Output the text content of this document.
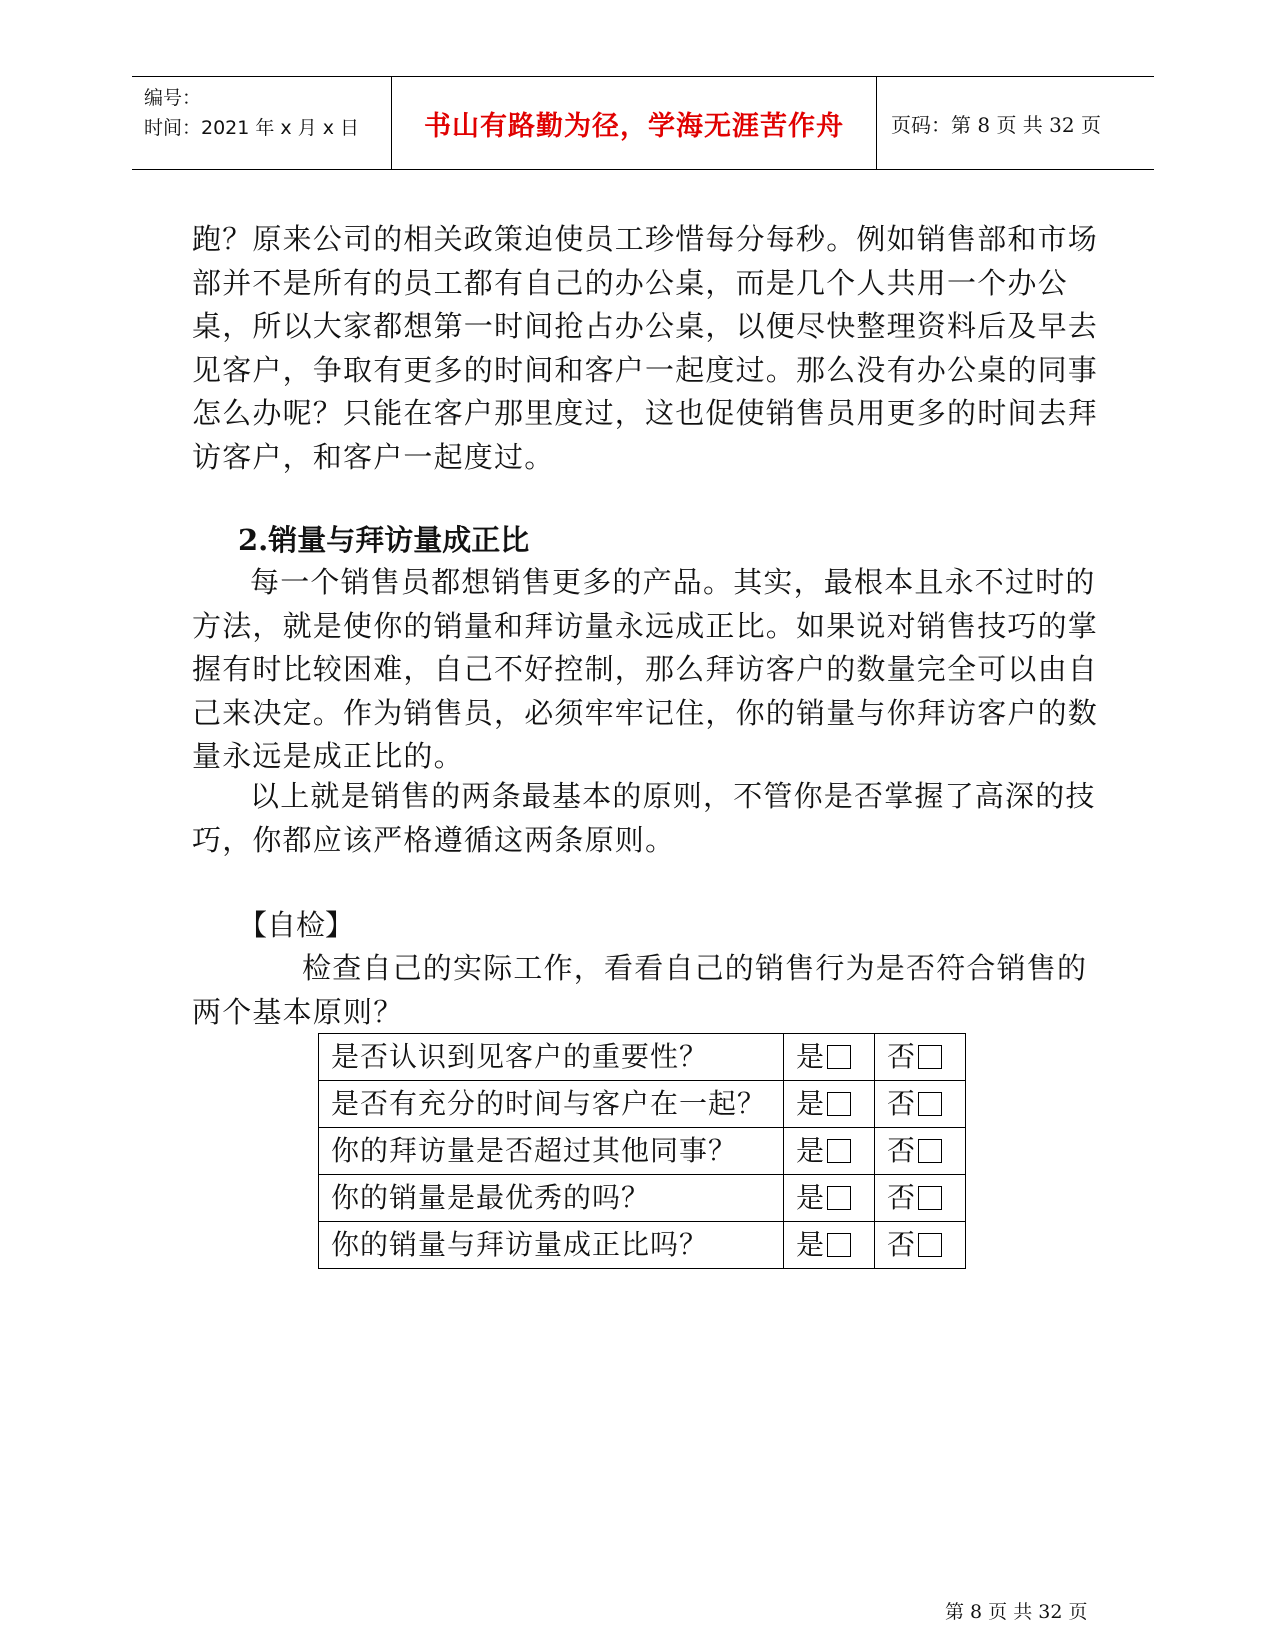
编号：
时间：2021 年 x 月 x 日	书山有路勤为径，学海无涯苦作舟	页码：第 8 页 共 32 页
跑？原来公司的相关政策迫使员工珍惜每分每秒。例如销售部和市场部并不是所有的员工都有自己的办公桌，而是几个人共用一个办公桌，所以大家都想第一时间抢占办公桌，以便尽快整理资料后及早去见客户，争取有更多的时间和客户一起度过。那么没有办公桌的同事怎么办呢？只能在客户那里度过，这也促使销售员用更多的时间去拜访客户，和客户一起度过。
2.销量与拜访量成正比
每一个销售员都想销售更多的产品。其实，最根本且永不过时的方法，就是使你的销量和拜访量永远成正比。如果说对销售技巧的掌握有时比较困难，自己不好控制，那么拜访客户的数量完全可以由自己来决定。作为销售员，必须牢牢记住，你的销量与你拜访客户的数量永远是成正比的。
以上就是销售的两条最基本的原则，不管你是否掌握了高深的技巧，你都应该严格遵循这两条原则。
【自检】
检查自己的实际工作，看看自己的销售行为是否符合销售的两个基本原则？
是否认识到见客户的重要性？	是	否
是否有充分的时间与客户在一起？	是	否
你的拜访量是否超过其他同事？	是	否
你的销量是最优秀的吗？	是	否
你的销量与拜访量成正比吗？	是	否
第 8 页 共 32 页
